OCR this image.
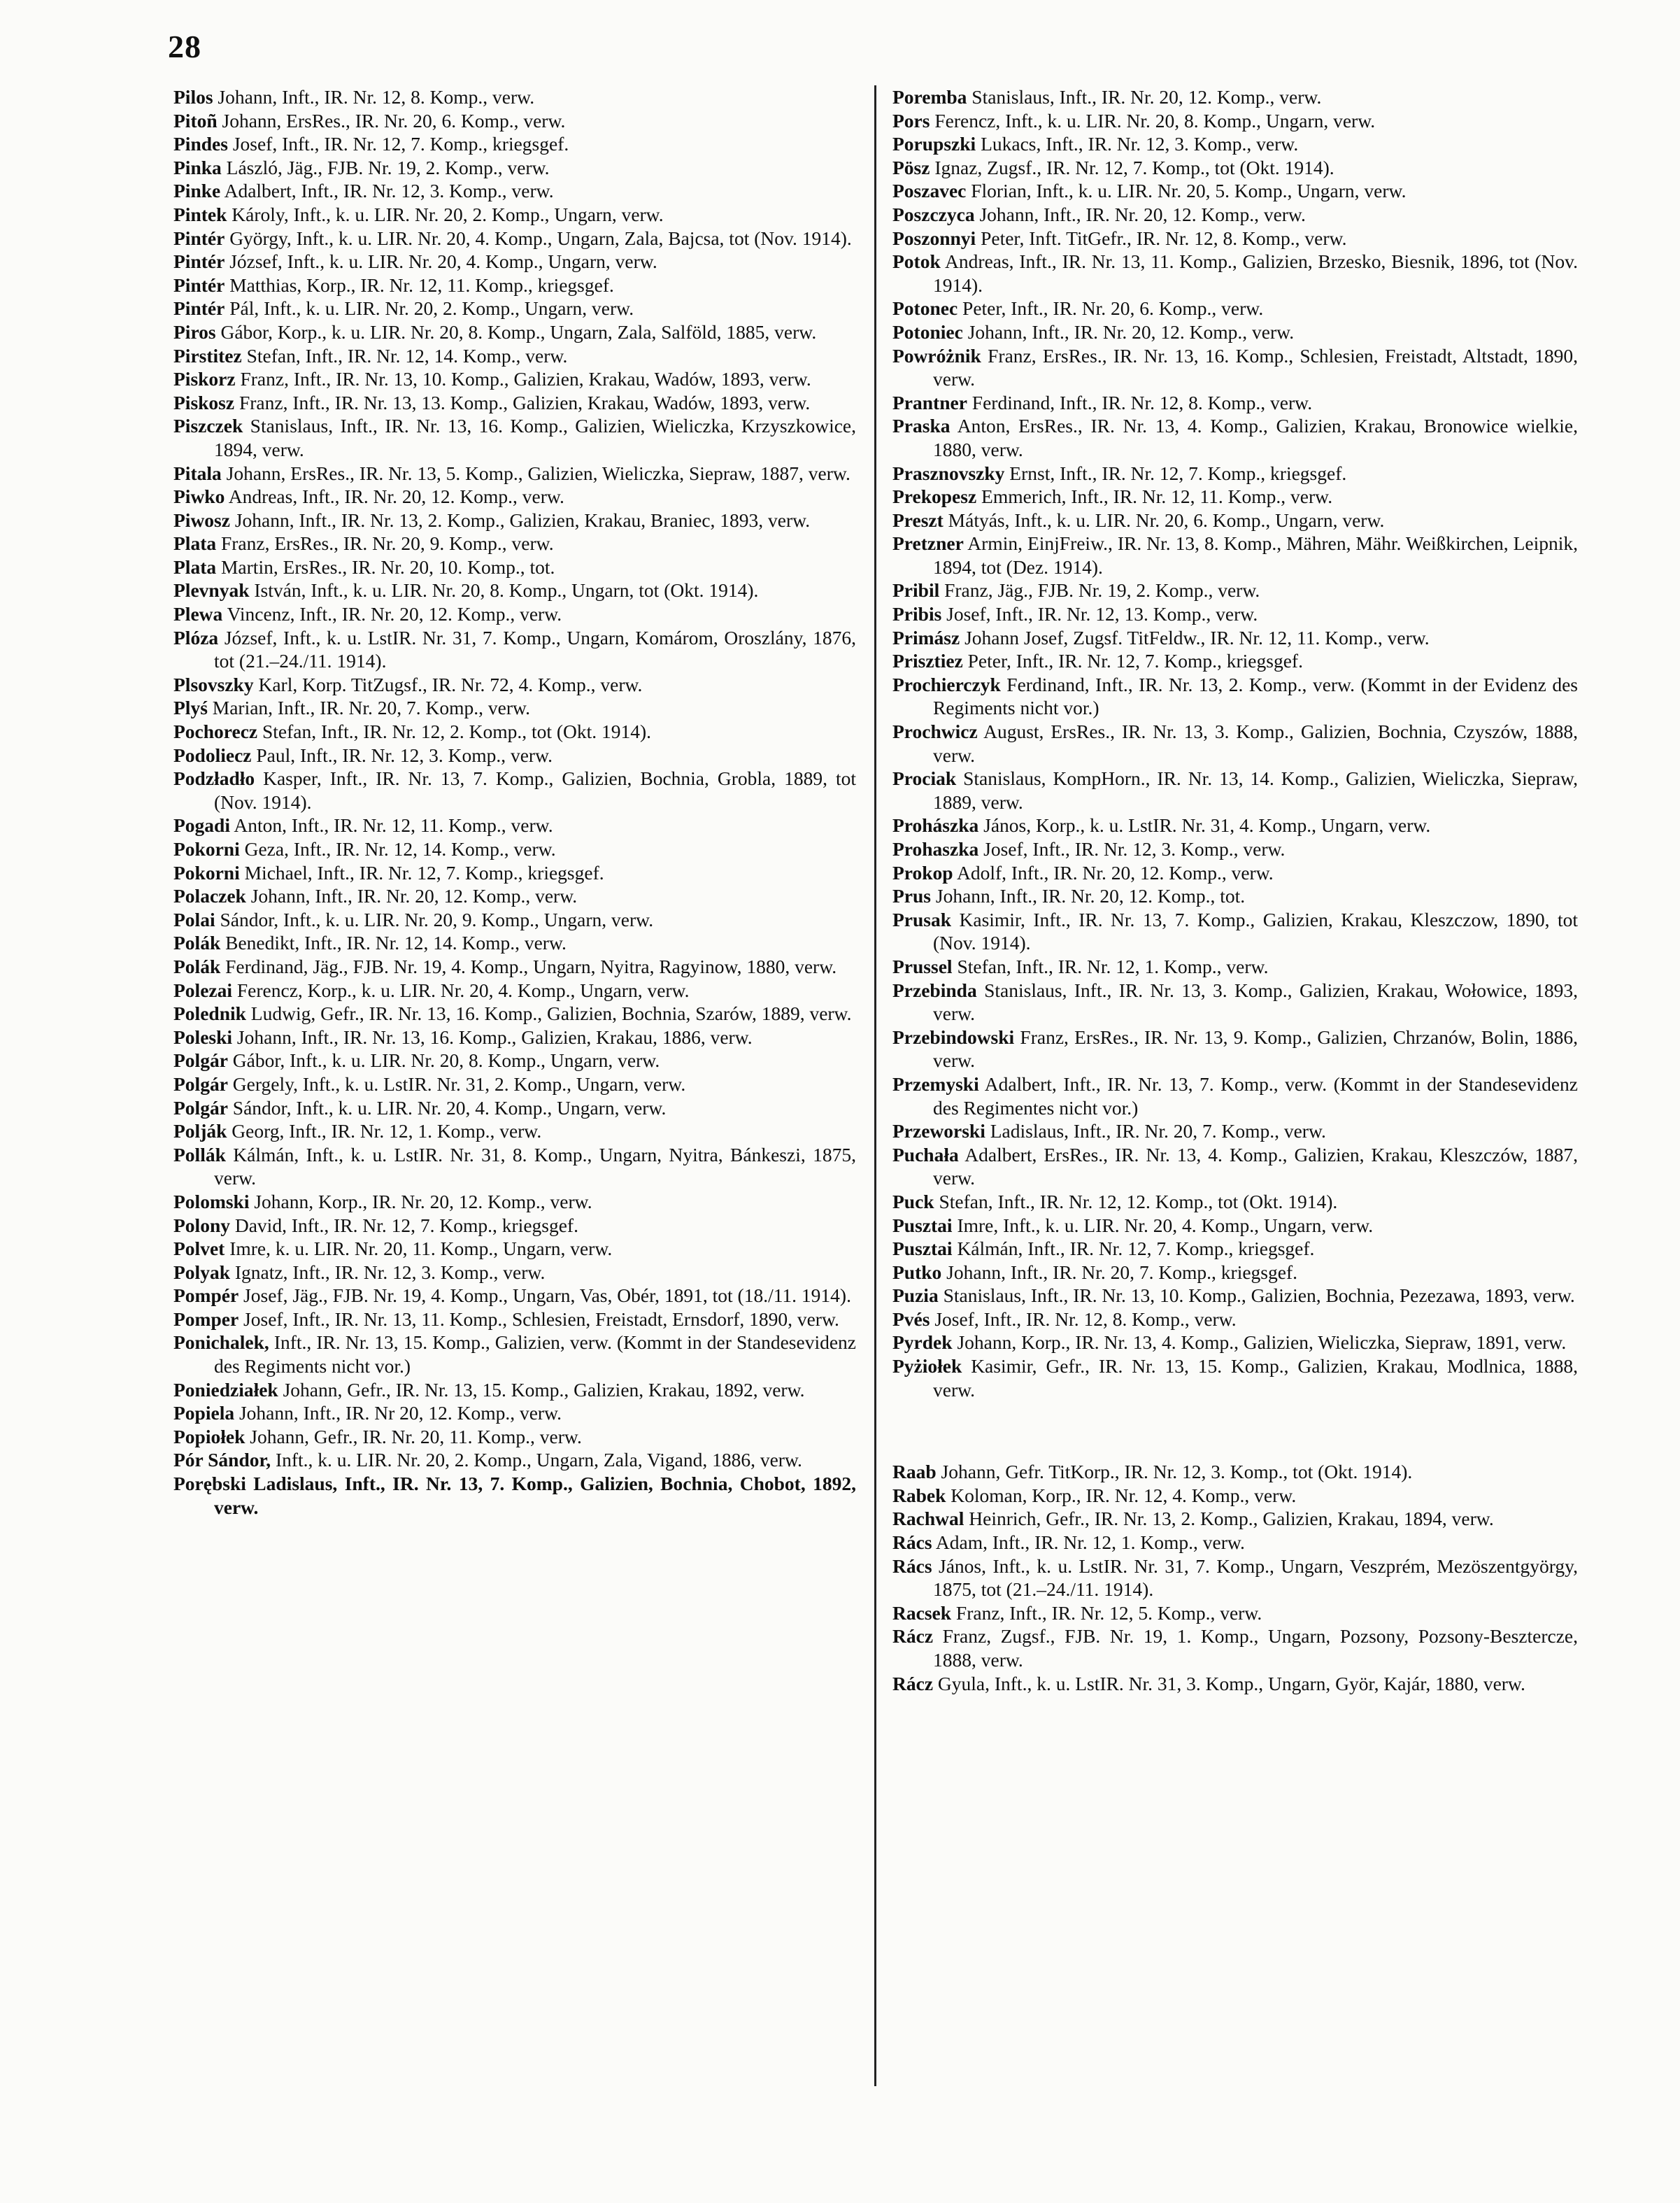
28
Pilos Johann, Inft., IR. Nr. 12, 8. Komp., verw.
Pitoñ Johann, ErsRes., IR. Nr. 20, 6. Komp., verw.
Pindes Josef, Inft., IR. Nr. 12, 7. Komp., kriegsgef.
Pinka László, Jäg., FJB. Nr. 19, 2. Komp., verw.
Pinke Adalbert, Inft., IR. Nr. 12, 3. Komp., verw.
Pintek Károly, Inft., k. u. LIR. Nr. 20, 2. Komp., Ungarn, verw.
Pintér György, Inft., k. u. LIR. Nr. 20, 4. Komp., Ungarn, Zala, Bajcsa, tot (Nov. 1914).
Pintér József, Inft., k. u. LIR. Nr. 20, 4. Komp., Ungarn, verw.
Pintér Matthias, Korp., IR. Nr. 12, 11. Komp., kriegsgef.
Pintér Pál, Inft., k. u. LIR. Nr. 20, 2. Komp., Ungarn, verw.
Piros Gábor, Korp., k. u. LIR. Nr. 20, 8. Komp., Ungarn, Zala, Salföld, 1885, verw.
Pirstitez Stefan, Inft., IR. Nr. 12, 14. Komp., verw.
Piskorz Franz, Inft., IR. Nr. 13, 10. Komp., Galizien, Krakau, Wadów, 1893, verw.
Piskosz Franz, Inft., IR. Nr. 13, 13. Komp., Galizien, Krakau, Wadów, 1893, verw.
Piszczek Stanislaus, Inft., IR. Nr. 13, 16. Komp., Galizien, Wieliczka, Krzyszkowice, 1894, verw.
Pitala Johann, ErsRes., IR. Nr. 13, 5. Komp., Galizien, Wieliczka, Siepraw, 1887, verw.
Piwko Andreas, Inft., IR. Nr. 20, 12. Komp., verw.
Piwosz Johann, Inft., IR. Nr. 13, 2. Komp., Galizien, Krakau, Braniec, 1893, verw.
Plata Franz, ErsRes., IR. Nr. 20, 9. Komp., verw.
Plata Martin, ErsRes., IR. Nr. 20, 10. Komp., tot.
Plevnyak István, Inft., k. u. LIR. Nr. 20, 8. Komp., Ungarn, tot (Okt. 1914).
Plewa Vincenz, Inft., IR. Nr. 20, 12. Komp., verw.
Plóza József, Inft., k. u. LstIR. Nr. 31, 7. Komp., Ungarn, Komárom, Oroszlány, 1876, tot (21.–24./11. 1914).
Plsovszky Karl, Korp. TitZugsf., IR. Nr. 72, 4. Komp., verw.
Plyś Marian, Inft., IR. Nr. 20, 7. Komp., verw.
Pochorecz Stefan, Inft., IR. Nr. 12, 2. Komp., tot (Okt. 1914).
Podoliecz Paul, Inft., IR. Nr. 12, 3. Komp., verw.
Podzładło Kasper, Inft., IR. Nr. 13, 7. Komp., Galizien, Bochnia, Grobla, 1889, tot (Nov. 1914).
Pogadi Anton, Inft., IR. Nr. 12, 11. Komp., verw.
Pokorni Geza, Inft., IR. Nr. 12, 14. Komp., verw.
Pokorni Michael, Inft., IR. Nr. 12, 7. Komp., kriegsgef.
Polaczek Johann, Inft., IR. Nr. 20, 12. Komp., verw.
Polai Sándor, Inft., k. u. LIR. Nr. 20, 9. Komp., Ungarn, verw.
Polák Benedikt, Inft., IR. Nr. 12, 14. Komp., verw.
Polák Ferdinand, Jäg., FJB. Nr. 19, 4. Komp., Ungarn, Nyitra, Ragyinow, 1880, verw.
Polezai Ferencz, Korp., k. u. LIR. Nr. 20, 4. Komp., Ungarn, verw.
Polednik Ludwig, Gefr., IR. Nr. 13, 16. Komp., Galizien, Bochnia, Szarów, 1889, verw.
Poleski Johann, Inft., IR. Nr. 13, 16. Komp., Galizien, Krakau, 1886, verw.
Polgár Gábor, Inft., k. u. LIR. Nr. 20, 8. Komp., Ungarn, verw.
Polgár Gergely, Inft., k. u. LstIR. Nr. 31, 2. Komp., Ungarn, verw.
Polgár Sándor, Inft., k. u. LIR. Nr. 20, 4. Komp., Ungarn, verw.
Polják Georg, Inft., IR. Nr. 12, 1. Komp., verw.
Pollák Kálmán, Inft., k. u. LstIR. Nr. 31, 8. Komp., Ungarn, Nyitra, Bánkeszi, 1875, verw.
Polomski Johann, Korp., IR. Nr. 20, 12. Komp., verw.
Polony David, Inft., IR. Nr. 12, 7. Komp., kriegsgef.
Polvet Imre, k. u. LIR. Nr. 20, 11. Komp., Ungarn, verw.
Polyak Ignatz, Inft., IR. Nr. 12, 3. Komp., verw.
Pompér Josef, Jäg., FJB. Nr. 19, 4. Komp., Ungarn, Vas, Obér, 1891, tot (18./11. 1914).
Pomper Josef, Inft., IR. Nr. 13, 11. Komp., Schlesien, Freistadt, Ernsdorf, 1890, verw.
Ponichalek, Inft., IR. Nr. 13, 15. Komp., Galizien, verw. (Kommt in der Standesevidenz des Regiments nicht vor.)
Poniedziałek Johann, Gefr., IR. Nr. 13, 15. Komp., Galizien, Krakau, 1892, verw.
Popiela Johann, Inft., IR. Nr 20, 12. Komp., verw.
Popiołek Johann, Gefr., IR. Nr. 20, 11. Komp., verw.
Pór Sándor, Inft., k. u. LIR. Nr. 20, 2. Komp., Ungarn, Zala, Vigand, 1886, verw.
Porębski Ladislaus, Inft., IR. Nr. 13, 7. Komp., Galizien, Bochnia, Chobot, 1892, verw.
Poremba Stanislaus, Inft., IR. Nr. 20, 12. Komp., verw.
Pors Ferencz, Inft., k. u. LIR. Nr. 20, 8. Komp., Ungarn, verw.
Porupszki Lukacs, Inft., IR. Nr. 12, 3. Komp., verw.
Pösz Ignaz, Zugsf., IR. Nr. 12, 7. Komp., tot (Okt. 1914).
Poszavec Florian, Inft., k. u. LIR. Nr. 20, 5. Komp., Ungarn, verw.
Poszczyca Johann, Inft., IR. Nr. 20, 12. Komp., verw.
Poszonnyi Peter, Inft. TitGefr., IR. Nr. 12, 8. Komp., verw.
Potok Andreas, Inft., IR. Nr. 13, 11. Komp., Galizien, Brzesko, Biesnik, 1896, tot (Nov. 1914).
Potonec Peter, Inft., IR. Nr. 20, 6. Komp., verw.
Potoniec Johann, Inft., IR. Nr. 20, 12. Komp., verw.
Powróżnik Franz, ErsRes., IR. Nr. 13, 16. Komp., Schlesien, Freistadt, Altstadt, 1890, verw.
Prantner Ferdinand, Inft., IR. Nr. 12, 8. Komp., verw.
Praska Anton, ErsRes., IR. Nr. 13, 4. Komp., Galizien, Krakau, Bronowice wielkie, 1880, verw.
Prasznovszky Ernst, Inft., IR. Nr. 12, 7. Komp., kriegsgef.
Prekopesz Emmerich, Inft., IR. Nr. 12, 11. Komp., verw.
Preszt Mátyás, Inft., k. u. LIR. Nr. 20, 6. Komp., Ungarn, verw.
Pretzner Armin, EinjFreiw., IR. Nr. 13, 8. Komp., Mähren, Mähr. Weißkirchen, Leipnik, 1894, tot (Dez. 1914).
Pribil Franz, Jäg., FJB. Nr. 19, 2. Komp., verw.
Pribis Josef, Inft., IR. Nr. 12, 13. Komp., verw.
Primász Johann Josef, Zugsf. TitFeldw., IR. Nr. 12, 11. Komp., verw.
Prisztiez Peter, Inft., IR. Nr. 12, 7. Komp., kriegsgef.
Prochierczyk Ferdinand, Inft., IR. Nr. 13, 2. Komp., verw. (Kommt in der Evidenz des Regiments nicht vor.)
Prochwicz August, ErsRes., IR. Nr. 13, 3. Komp., Galizien, Bochnia, Czyszów, 1888, verw.
Prociak Stanislaus, KompHorn., IR. Nr. 13, 14. Komp., Galizien, Wieliczka, Siepraw, 1889, verw.
Prohászka János, Korp., k. u. LstIR. Nr. 31, 4. Komp., Ungarn, verw.
Prohaszka Josef, Inft., IR. Nr. 12, 3. Komp., verw.
Prokop Adolf, Inft., IR. Nr. 20, 12. Komp., verw.
Prus Johann, Inft., IR. Nr. 20, 12. Komp., tot.
Prusak Kasimir, Inft., IR. Nr. 13, 7. Komp., Galizien, Krakau, Kleszczow, 1890, tot (Nov. 1914).
Prussel Stefan, Inft., IR. Nr. 12, 1. Komp., verw.
Przebinda Stanislaus, Inft., IR. Nr. 13, 3. Komp., Galizien, Krakau, Wołowice, 1893, verw.
Przebindowski Franz, ErsRes., IR. Nr. 13, 9. Komp., Galizien, Chrzanów, Bolin, 1886, verw.
Przemyski Adalbert, Inft., IR. Nr. 13, 7. Komp., verw. (Kommt in der Standesevidenz des Regimentes nicht vor.)
Przeworski Ladislaus, Inft., IR. Nr. 20, 7. Komp., verw.
Puchała Adalbert, ErsRes., IR. Nr. 13, 4. Komp., Galizien, Krakau, Kleszczów, 1887, verw.
Puck Stefan, Inft., IR. Nr. 12, 12. Komp., tot (Okt. 1914).
Pusztai Imre, Inft., k. u. LIR. Nr. 20, 4. Komp., Ungarn, verw.
Pusztai Kálmán, Inft., IR. Nr. 12, 7. Komp., kriegsgef.
Putko Johann, Inft., IR. Nr. 20, 7. Komp., kriegsgef.
Puzia Stanislaus, Inft., IR. Nr. 13, 10. Komp., Galizien, Bochnia, Pezezawa, 1893, verw.
Pvés Josef, Inft., IR. Nr. 12, 8. Komp., verw.
Pyrdek Johann, Korp., IR. Nr. 13, 4. Komp., Galizien, Wieliczka, Siepraw, 1891, verw.
Pyżiołek Kasimir, Gefr., IR. Nr. 13, 15. Komp., Galizien, Krakau, Modlnica, 1888, verw.
Raab Johann, Gefr. TitKorp., IR. Nr. 12, 3. Komp., tot (Okt. 1914).
Rabek Koloman, Korp., IR. Nr. 12, 4. Komp., verw.
Rachwal Heinrich, Gefr., IR. Nr. 13, 2. Komp., Galizien, Krakau, 1894, verw.
Rács Adam, Inft., IR. Nr. 12, 1. Komp., verw.
Rács János, Inft., k. u. LstIR. Nr. 31, 7. Komp., Ungarn, Veszprém, Mezöszentgyörgy, 1875, tot (21.–24./11. 1914).
Racsek Franz, Inft., IR. Nr. 12, 5. Komp., verw.
Rácz Franz, Zugsf., FJB. Nr. 19, 1. Komp., Ungarn, Pozsony, Pozsony-Besztercze, 1888, verw.
Rácz Gyula, Inft., k. u. LstIR. Nr. 31, 3. Komp., Ungarn, Györ, Kajár, 1880, verw.
